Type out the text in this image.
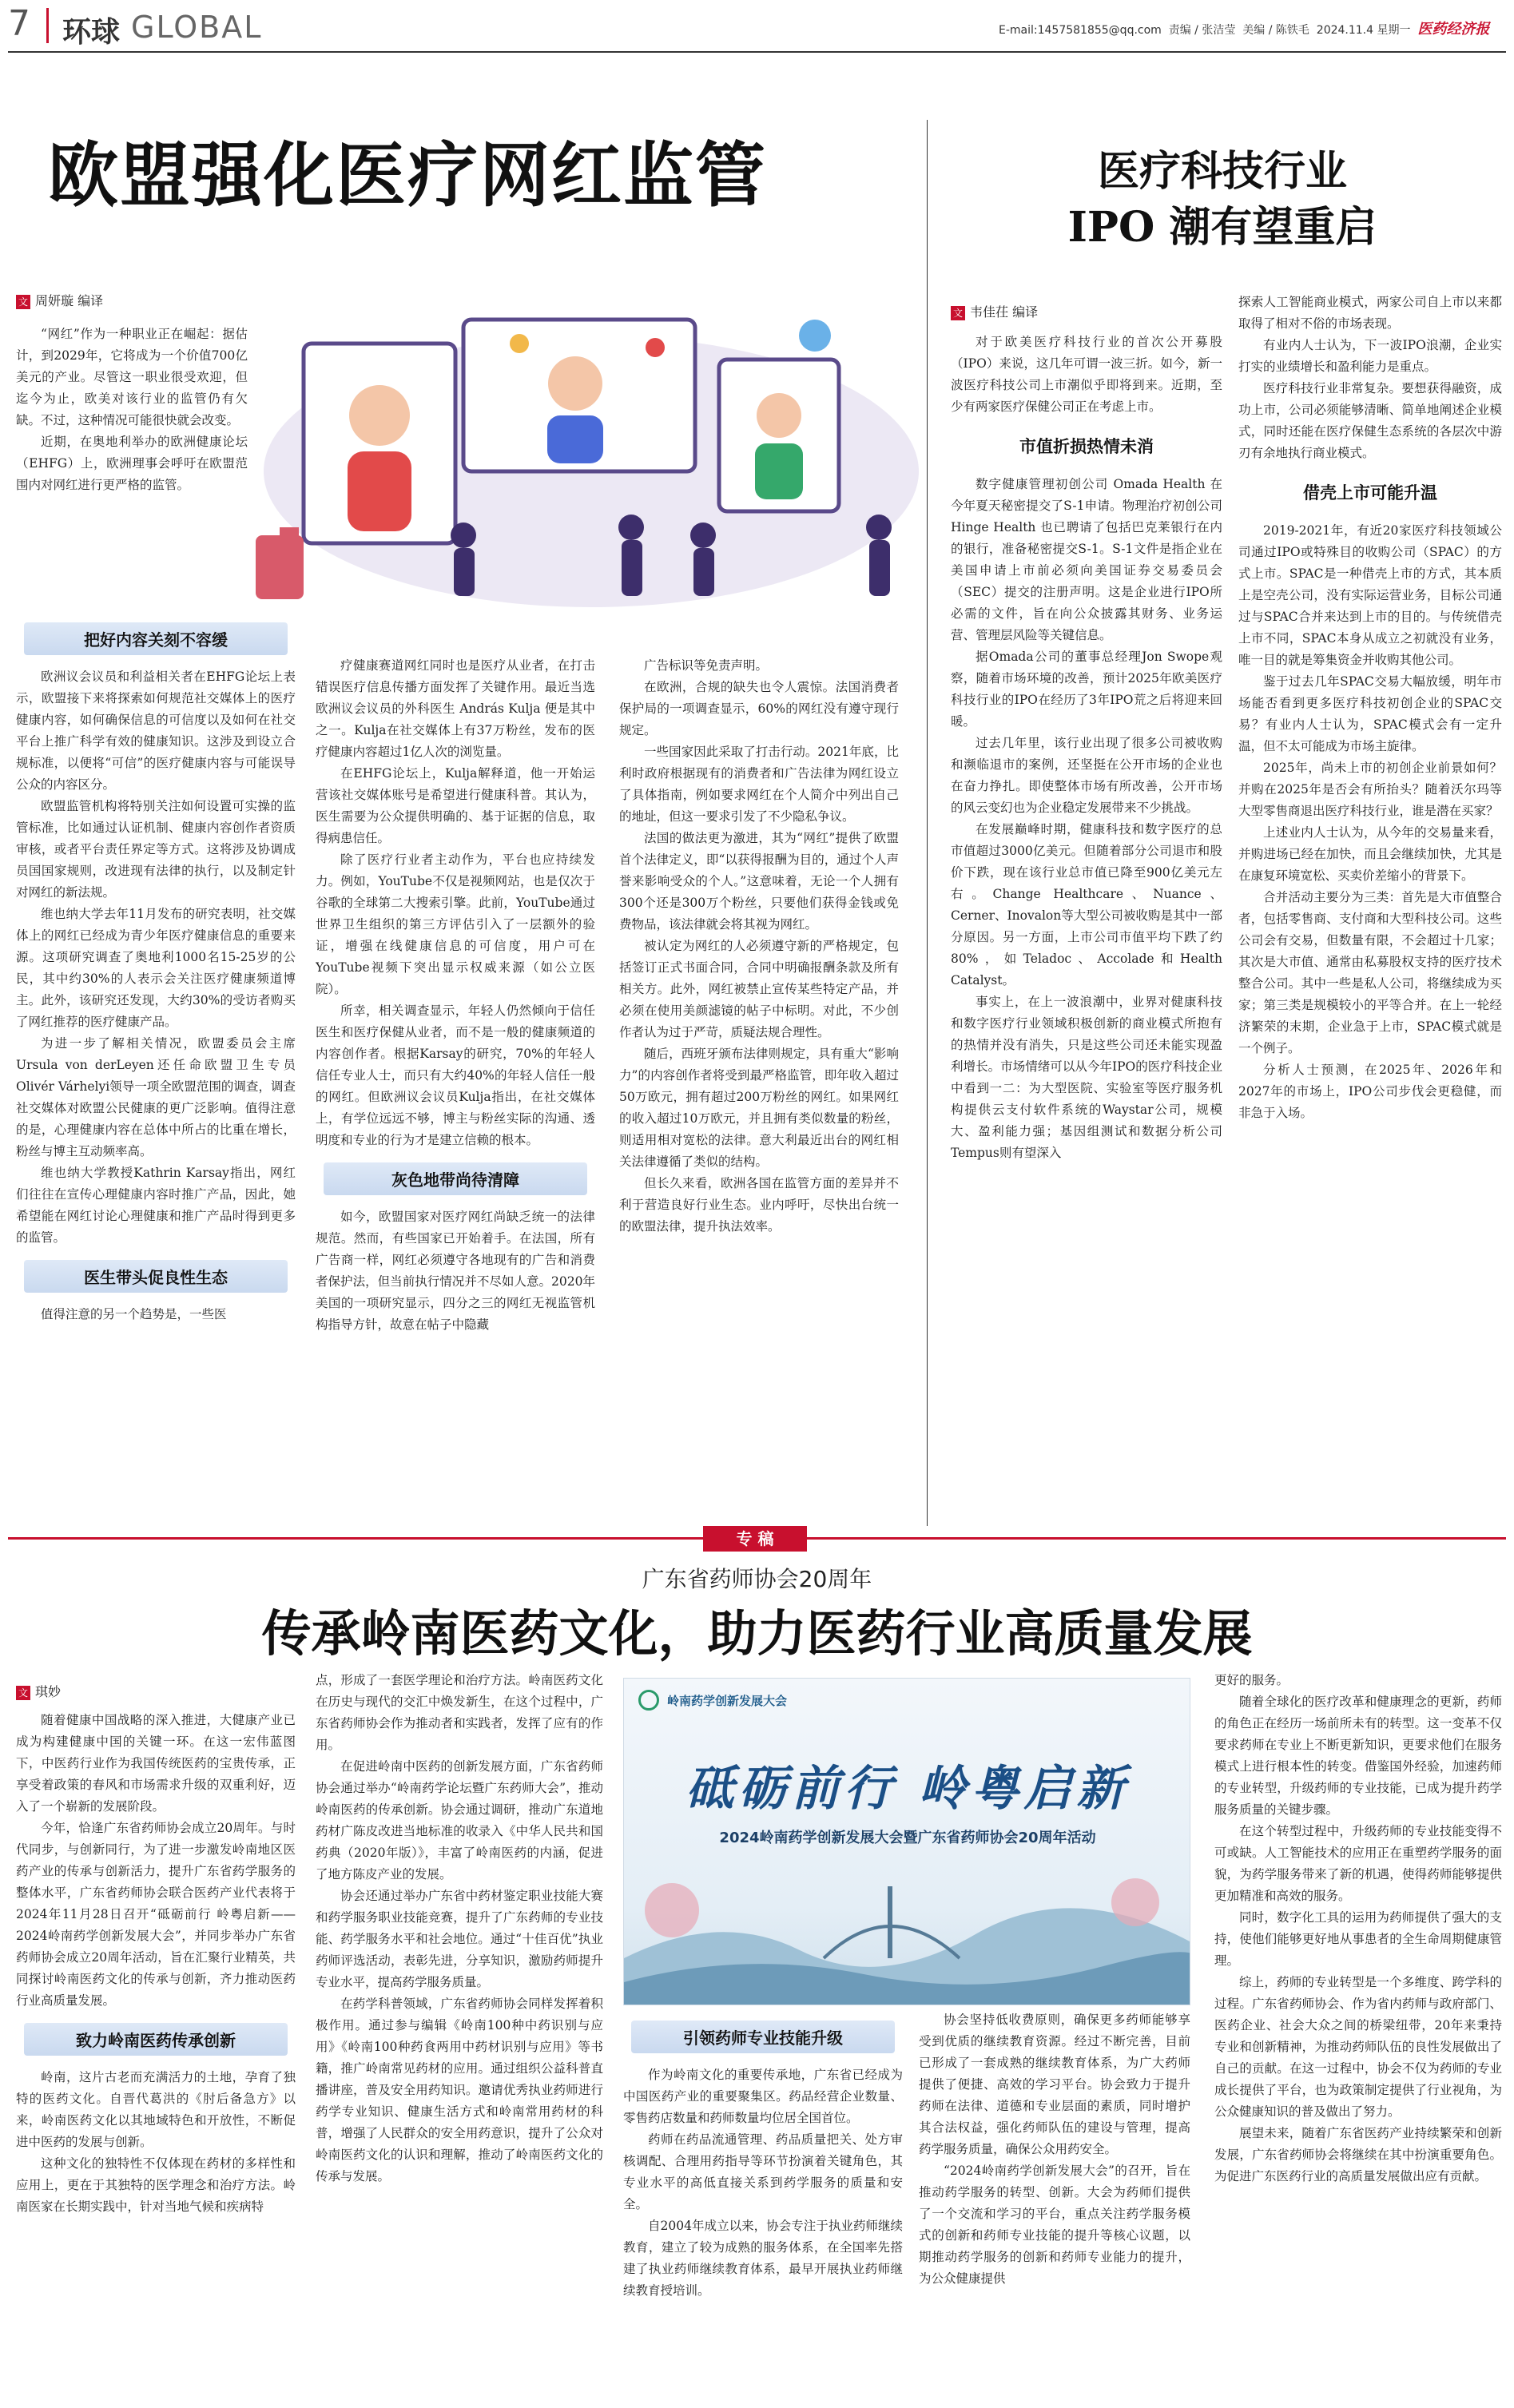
7 环球 GLOBAL	E-mail:1457581855@qq.com 责编 / 张洁莹 美编 / 陈铁毛 2024.11.4 星期一 医药经济报
欧盟强化医疗网红监管
文 周妍璇 编译

“网红”作为一种职业正在崛起：据估计，到2029年，它将成为一个价值700亿美元的产业。尽管这一职业很受欢迎，但迄今为止，欧美对该行业的监管仍有欠缺。不过，这种情况可能很快就会改变。

近期，在奥地利举办的欧洲健康论坛（EHFG）上，欧洲理事会呼吁在欧盟范围内对网红进行更严格的监管。

把好内容关刻不容缓

欧洲议会议员和利益相关者在EHFG论坛上表示，欧盟接下来将探索如何规范社交媒体上的医疗健康内容，如何确保信息的可信度以及如何在社交平台上推广科学有效的健康知识。这涉及到设立合规标准，以便将“可信”的医疗健康内容与可能误导公众的内容区分。

欧盟监管机构将特别关注如何设置可实操的监管标准，比如通过认证机制、健康内容创作者资质审核，或者平台责任界定等方式。这将涉及协调成员国国家规则，改进现有法律的执行，以及制定针对网红的新法规。

维也纳大学去年11月发布的研究表明，社交媒体上的网红已经成为青少年医疗健康信息的重要来源。这项研究调查了奥地利1000名15-25岁的公民，其中约30%的人表示会关注医疗健康频道博主。此外，该研究还发现，大约30%的受访者购买了网红推荐的医疗健康产品。

为进一步了解相关情况，欧盟委员会主席Ursula von derLeyen还任命欧盟卫生专员Olivér Várhelyi领导一项全欧盟范围的调查，调查社交媒体对欧盟公民健康的更广泛影响。值得注意的是，心理健康内容在总体中所占的比重在增长，粉丝与博主互动频率高。

维也纳大学教授Kathrin Karsay指出，网红们往往在宣传心理健康内容时推广产品，因此，她希望能在网红讨论心理健康和推广产品时得到更多的监管。

医生带头促良性生态

值得注意的另一个趋势是，一些医

疗健康赛道网红同时也是医疗从业者，在打击错误医疗信息传播方面发挥了关键作用。最近当选欧洲议会议员的外科医生 András Kulja 便是其中之一。Kulja在社交媒体上有37万粉丝，发布的医疗健康内容超过1亿人次的浏览量。

在EHFG论坛上，Kulja解释道，他一开始运营该社交媒体账号是希望进行健康科普。其认为，医生需要为公众提供明确的、基于证据的信息，取得病患信任。

除了医疗行业者主动作为，平台也应持续发力。例如，YouTube不仅是视频网站，也是仅次于谷歌的全球第二大搜索引擎。此前，YouTube通过世界卫生组织的第三方评估引入了一层额外的验证，增强在线健康信息的可信度，用户可在YouTube视频下突出显示权威来源（如公立医院）。

所幸，相关调查显示，年轻人仍然倾向于信任医生和医疗保健从业者，而不是一般的健康频道的内容创作者。根据Karsay的研究，70%的年轻人信任专业人士，而只有大约40%的年轻人信任一般的网红。但欧洲议会议员Kulja指出，在社交媒体上，有学位远远不够，博主与粉丝实际的沟通、透明度和专业的行为才是建立信赖的根本。

灰色地带尚待清障

如今，欧盟国家对医疗网红尚缺乏统一的法律规范。然而，有些国家已开始着手。在法国，所有广告商一样，网红必须遵守各地现有的广告和消费者保护法，但当前执行情况并不尽如人意。2020年美国的一项研究显示，四分之三的网红无视监管机构指导方针，故意在帖子中隐藏

广告标识等免责声明。

在欧洲，合规的缺失也令人震惊。法国消费者保护局的一项调查显示，60%的网红没有遵守现行规定。

一些国家因此采取了打击行动。2021年底，比利时政府根据现有的消费者和广告法律为网红设立了具体指南，例如要求网红在个人简介中列出自己的地址，但这一要求引发了不少隐私争议。

法国的做法更为激进，其为“网红”提供了欧盟首个法律定义，即“以获得报酬为目的，通过个人声誉来影响受众的个人。”这意味着，无论一个人拥有300个还是300万个粉丝，只要他们获得金钱或免费物品，该法律就会将其视为网红。

被认定为网红的人必须遵守新的严格规定，包括签订正式书面合同，合同中明确报酬条款及所有相关方。此外，网红被禁止宣传某些特定产品，并必须在使用美颜滤镜的帖子中标明。对此，不少创作者认为过于严苛，质疑法规合理性。

随后，西班牙颁布法律则规定，具有重大“影响力”的内容创作者将受到最严格监管，即年收入超过50万欧元，拥有超过200万粉丝的网红。如果网红的收入超过10万欧元，并且拥有类似数量的粉丝，则适用相对宽松的法律。意大利最近出台的网红相关法律遵循了类似的结构。

但长久来看，欧洲各国在监管方面的差异并不利于营造良好行业生态。业内呼吁，尽快出台统一的欧盟法律，提升执法效率。

医疗科技行业
IPO 潮有望重启
文 韦佳茌 编译

对于欧美医疗科技行业的首次公开募股（IPO）来说，这几年可谓一波三折。如今，新一波医疗科技公司上市潮似乎即将到来。近期，至少有两家医疗保健公司正在考虑上市。

市值折损热情未消

数字健康管理初创公司 Omada Health 在今年夏天秘密提交了S-1申请。物理治疗初创公司 Hinge Health 也已聘请了包括巴克莱银行在内的银行，准备秘密提交S-1。S-1文件是指企业在美国申请上市前必须向美国证券交易委员会（SEC）提交的注册声明。这是企业进行IPO所必需的文件，旨在向公众披露其财务、业务运营、管理层风险等关键信息。

据Omada公司的董事总经理Jon Swope观察，随着市场环境的改善，预计2025年欧美医疗科技行业的IPO在经历了3年IPO荒之后将迎来回暖。

过去几年里，该行业出现了很多公司被收购和濒临退市的案例，还坚挺在公开市场的企业也在奋力挣扎。即使整体市场有所改善，公开市场的风云变幻也为企业稳定发展带来不少挑战。

在发展巅峰时期，健康科技和数字医疗的总市值超过3000亿美元。但随着部分公司退市和股价下跌，现在该行业总市值已降至900亿美元左右。Change Healthcare、Nuance、Cerner、Inovalon等大型公司被收购是其中一部分原因。另一方面，上市公司市值平均下跌了约80%，如Teladoc、Accolade和Health Catalyst。

事实上，在上一波浪潮中，业界对健康科技和数字医疗行业领域积极创新的商业模式所抱有的热情并没有消失，只是这些公司还未能实现盈利增长。市场情绪可以从今年IPO的医疗科技企业中看到一二：为大型医院、实验室等医疗服务机构提供云支付软件系统的Waystar公司，规模大、盈利能力强；基因组测试和数据分析公司Tempus则有望深入

探索人工智能商业模式，两家公司自上市以来都取得了相对不俗的市场表现。

有业内人士认为，下一波IPO浪潮，企业实打实的业绩增长和盈利能力是重点。

医疗科技行业非常复杂。要想获得融资，成功上市，公司必须能够清晰、简单地阐述企业模式，同时还能在医疗保健生态系统的各层次中游刃有余地执行商业模式。

借壳上市可能升温

2019-2021年，有近20家医疗科技领域公司通过IPO或特殊目的收购公司（SPAC）的方式上市。SPAC是一种借壳上市的方式，其本质上是空壳公司，没有实际运营业务，目标公司通过与SPAC合并来达到上市的目的。与传统借壳上市不同，SPAC本身从成立之初就没有业务，唯一目的就是筹集资金并收购其他公司。

鉴于过去几年SPAC交易大幅放缓，明年市场能否看到更多医疗科技初创企业的SPAC交易？有业内人士认为，SPAC模式会有一定升温，但不太可能成为市场主旋律。

2025年，尚未上市的初创企业前景如何？并购在2025年是否会有所抬头？随着沃尔玛等大型零售商退出医疗科技行业，谁是潜在买家？

上述业内人士认为，从今年的交易量来看，并购进场已经在加快，而且会继续加快，尤其是在康复环境宽松、买卖价差缩小的背景下。

合并活动主要分为三类：首先是大市值整合者，包括零售商、支付商和大型科技公司。这些公司会有交易，但数量有限，不会超过十几家；其次是大市值、通常由私募股权支持的医疗技术整合公司。其中一些是私人公司，将继续成为买家；第三类是规模较小的平等合并。在上一轮经济繁荣的末期，企业急于上市，SPAC模式就是一个例子。

分析人士预测，在2025年、2026年和2027年的市场上，IPO公司步伐会更稳健，而非急于入场。

专 稿
广东省药师协会20周年
传承岭南医药文化，助力医药行业高质量发展
文 琪妙

随着健康中国战略的深入推进，大健康产业已成为构建健康中国的关键一环。在这一宏伟蓝图下，中医药行业作为我国传统医药的宝贵传承，正享受着政策的春风和市场需求升级的双重利好，迈入了一个崭新的发展阶段。

今年，恰逢广东省药师协会成立20周年。与时代同步，与创新同行，为了进一步激发岭南地区医药产业的传承与创新活力，提升广东省药学服务的整体水平，广东省药师协会联合医药产业代表将于2024年11月28日召开“砥砺前行 岭粤启新——2024岭南药学创新发展大会”，并同步举办广东省药师协会成立20周年活动，旨在汇聚行业精英，共同探讨岭南医药文化的传承与创新，齐力推动医药行业高质量发展。

致力岭南医药传承创新

岭南，这片古老而充满活力的土地，孕育了独特的医药文化。自晋代葛洪的《肘后备急方》以来，岭南医药文化以其地域特色和开放性，不断促进中医药的发展与创新。

这种文化的独特性不仅体现在药材的多样性和应用上，更在于其独特的医学理念和治疗方法。岭南医家在长期实践中，针对当地气候和疾病特

点，形成了一套医学理论和治疗方法。岭南医药文化在历史与现代的交汇中焕发新生，在这个过程中，广东省药师协会作为推动者和实践者，发挥了应有的作用。

在促进岭南中医药的创新发展方面，广东省药师协会通过举办“岭南药学论坛暨广东药师大会”，推动岭南医药的传承创新。协会通过调研，推动广东道地药材广陈皮改进当地标准的收录入《中华人民共和国药典（2020年版）》，丰富了岭南医药的内涵，促进了地方陈皮产业的发展。

协会还通过举办广东省中药材鉴定职业技能大赛和药学服务职业技能竞赛，提升了广东药师的专业技能、药学服务水平和社会地位。通过“十佳百优”执业药师评选活动，表彰先进，分享知识，激励药师提升专业水平，提高药学服务质量。

在药学科普领域，广东省药师协会同样发挥着积极作用。通过参与编辑《岭南100种中药识别与应用》《岭南100种药食两用中药材识别与应用》等书籍，推广岭南常见药材的应用。通过组织公益科普直播讲座，普及安全用药知识。邀请优秀执业药师进行药学专业知识、健康生活方式和岭南常用药材的科普，增强了人民群众的安全用药意识，提升了公众对岭南医药文化的认识和理解，推动了岭南医药文化的传承与发展。

岭南药学创新发展大会
砥砺前行 岭粤启新
2024岭南药学创新发展大会暨广东省药师协会20周年活动
引领药师专业技能升级

作为岭南文化的重要传承地，广东省已经成为中国医药产业的重要聚集区。药品经营企业数量、零售药店数量和药师数量均位居全国首位。

药师在药品流通管理、药品质量把关、处方审核调配、合理用药指导等环节扮演着关键角色，其专业水平的高低直接关系到药学服务的质量和安全。

自2004年成立以来，协会专注于执业药师继续教育，建立了较为成熟的服务体系，在全国率先搭建了执业药师继续教育体系，最早开展执业药师继续教育授培训。

协会坚持低收费原则，确保更多药师能够享受到优质的继续教育资源。经过不断完善，目前已形成了一套成熟的继续教育体系，为广大药师提供了便捷、高效的学习平台。协会致力于提升药师在法律、道德和专业层面的素质，同时增护其合法权益，强化药师队伍的建设与管理，提高药学服务质量，确保公众用药安全。

“2024岭南药学创新发展大会”的召开，旨在推动药学服务的转型、创新。大会为药师们提供了一个交流和学习的平台，重点关注药学服务模式的创新和药师专业技能的提升等核心议题，以期推动药学服务的创新和药师专业能力的提升，为公众健康提供

更好的服务。

随着全球化的医疗改革和健康理念的更新，药师的角色正在经历一场前所未有的转型。这一变革不仅要求药师在专业上不断更新知识，更要求他们在服务模式上进行根本性的转变。借鉴国外经验，加速药师的专业转型，升级药师的专业技能，已成为提升药学服务质量的关键步骤。

在这个转型过程中，升级药师的专业技能变得不可或缺。人工智能技术的应用正在重塑药学服务的面貌，为药学服务带来了新的机遇，使得药师能够提供更加精准和高效的服务。

同时，数字化工具的运用为药师提供了强大的支持，使他们能够更好地从事患者的全生命周期健康管理。

综上，药师的专业转型是一个多维度、跨学科的过程。广东省药师协会、作为省内药师与政府部门、医药企业、社会大众之间的桥梁纽带，20年来秉持专业和创新精神，为推动药师队伍的良性发展做出了自己的贡献。在这一过程中，协会不仅为药师的专业成长提供了平台，也为政策制定提供了行业视角，为公众健康知识的普及做出了努力。

展望未来，随着广东省医药产业持续繁荣和创新发展，广东省药师协会将继续在其中扮演重要角色。为促进广东医药行业的高质量发展做出应有贡献。
